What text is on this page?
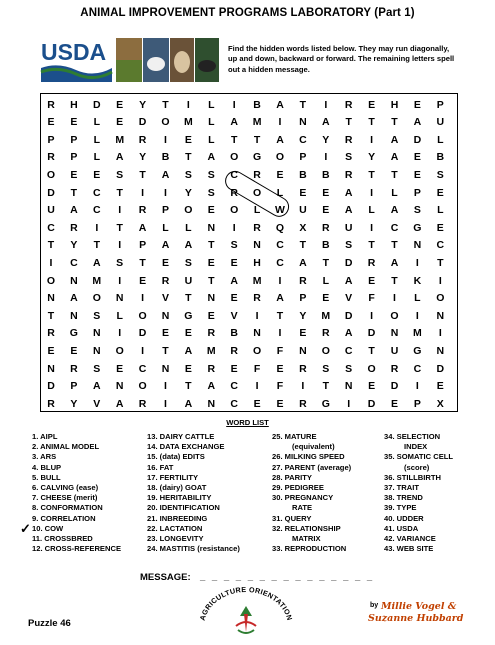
ANIMAL IMPROVEMENT PROGRAMS LABORATORY (Part 1)
USDA	Find the hidden words listed below. They may run diagonally, up and down, backward or forward. The remaining letters spell out a hidden message.
R	H	D	E	Y	T	I	L	I	B	A	T	I	R	E	H	E	P
E	E	L	E	D	O	M	L	A	M	I	N	A	T	T	T	A	U
P	P	L	M	R	I	E	L	T	T	A	C	Y	R	I	A	D	L
R	P	L	A	Y	B	T	A	O	G	O	P	I	S	Y	A	E	B
O	E	E	S	T	A	S	S	C	R	E	B	B	R	T	T	E	S
D	T	C	T	I	I	Y	S	R	O	L	E	E	A	I	L	P	E
U	A	C	I	R	P	O	E	O	L	W	U	E	A	L	A	S	L
C	R	I	T	A	L	L	N	I	R	Q	X	R	U	I	C	G	E
T	Y	T	I	P	A	A	T	S	N	C	T	B	S	T	T	N	C
I	C	A	S	T	E	S	E	E	H	C	A	T	D	R	A	I	T
O	N	M	I	E	R	U	T	A	M	I	R	L	A	E	T	K	I
N	A	O	N	I	V	T	N	E	R	A	P	E	V	F	I	L	O
T	N	S	L	O	N	G	E	V	I	T	Y	M	D	I	O	I	N
R	G	N	I	D	E	E	R	B	N	I	E	R	A	D	N	M	I
E	E	N	O	I	T	A	M	R	O	F	N	O	C	T	U	G	N
N	R	S	E	C	N	E	R	E	F	E	R	S	S	O	R	C	D
D	P	A	N	O	I	T	A	C	I	F	I	T	N	E	D	I	E
R	Y	V	A	R	I	A	N	C	E	E	R	G	I	D	E	P	X
WORD LIST
1. AIPL
2. ANIMAL MODEL
3. ARS
4. BLUP
5. BULL
6. CALVING (ease)
7. CHEESE (merit)
8. CONFORMATION
9. CORRELATION
10. COW
11. CROSSBRED
12. CROSS-REFERENCE
13. DAIRY CATTLE
14. DATA EXCHANGE
15. (data) EDITS
16. FAT
17. FERTILITY
18. (dairy) GOAT
19. HERITABILITY
20. IDENTIFICATION
21. INBREEDING
22. LACTATION
23. LONGEVITY
24. MASTITIS (resistance)
25. MATURE
(equivalent)
26. MILKING SPEED
27. PARENT (average)
28. PARITY
29. PEDIGREE
30. PREGNANCY
RATE
31. QUERY
32. RELATIONSHIP
MATRIX
33. REPRODUCTION
34. SELECTION
INDEX
35. SOMATIC CELL
(score)
36. STILLBIRTH
37. TRAIT
38. TREND
39. TYPE
40. UDDER
41. USDA
42. VARIANCE
43. WEB SITE
✓
MESSAGE: _ _ _ _ _ _ _ _ _ _ _ _ _ _ _
Puzzle 46
AGRICULTURE ORIENTATION
by Millie Vogel &
Suzanne Hubbard
